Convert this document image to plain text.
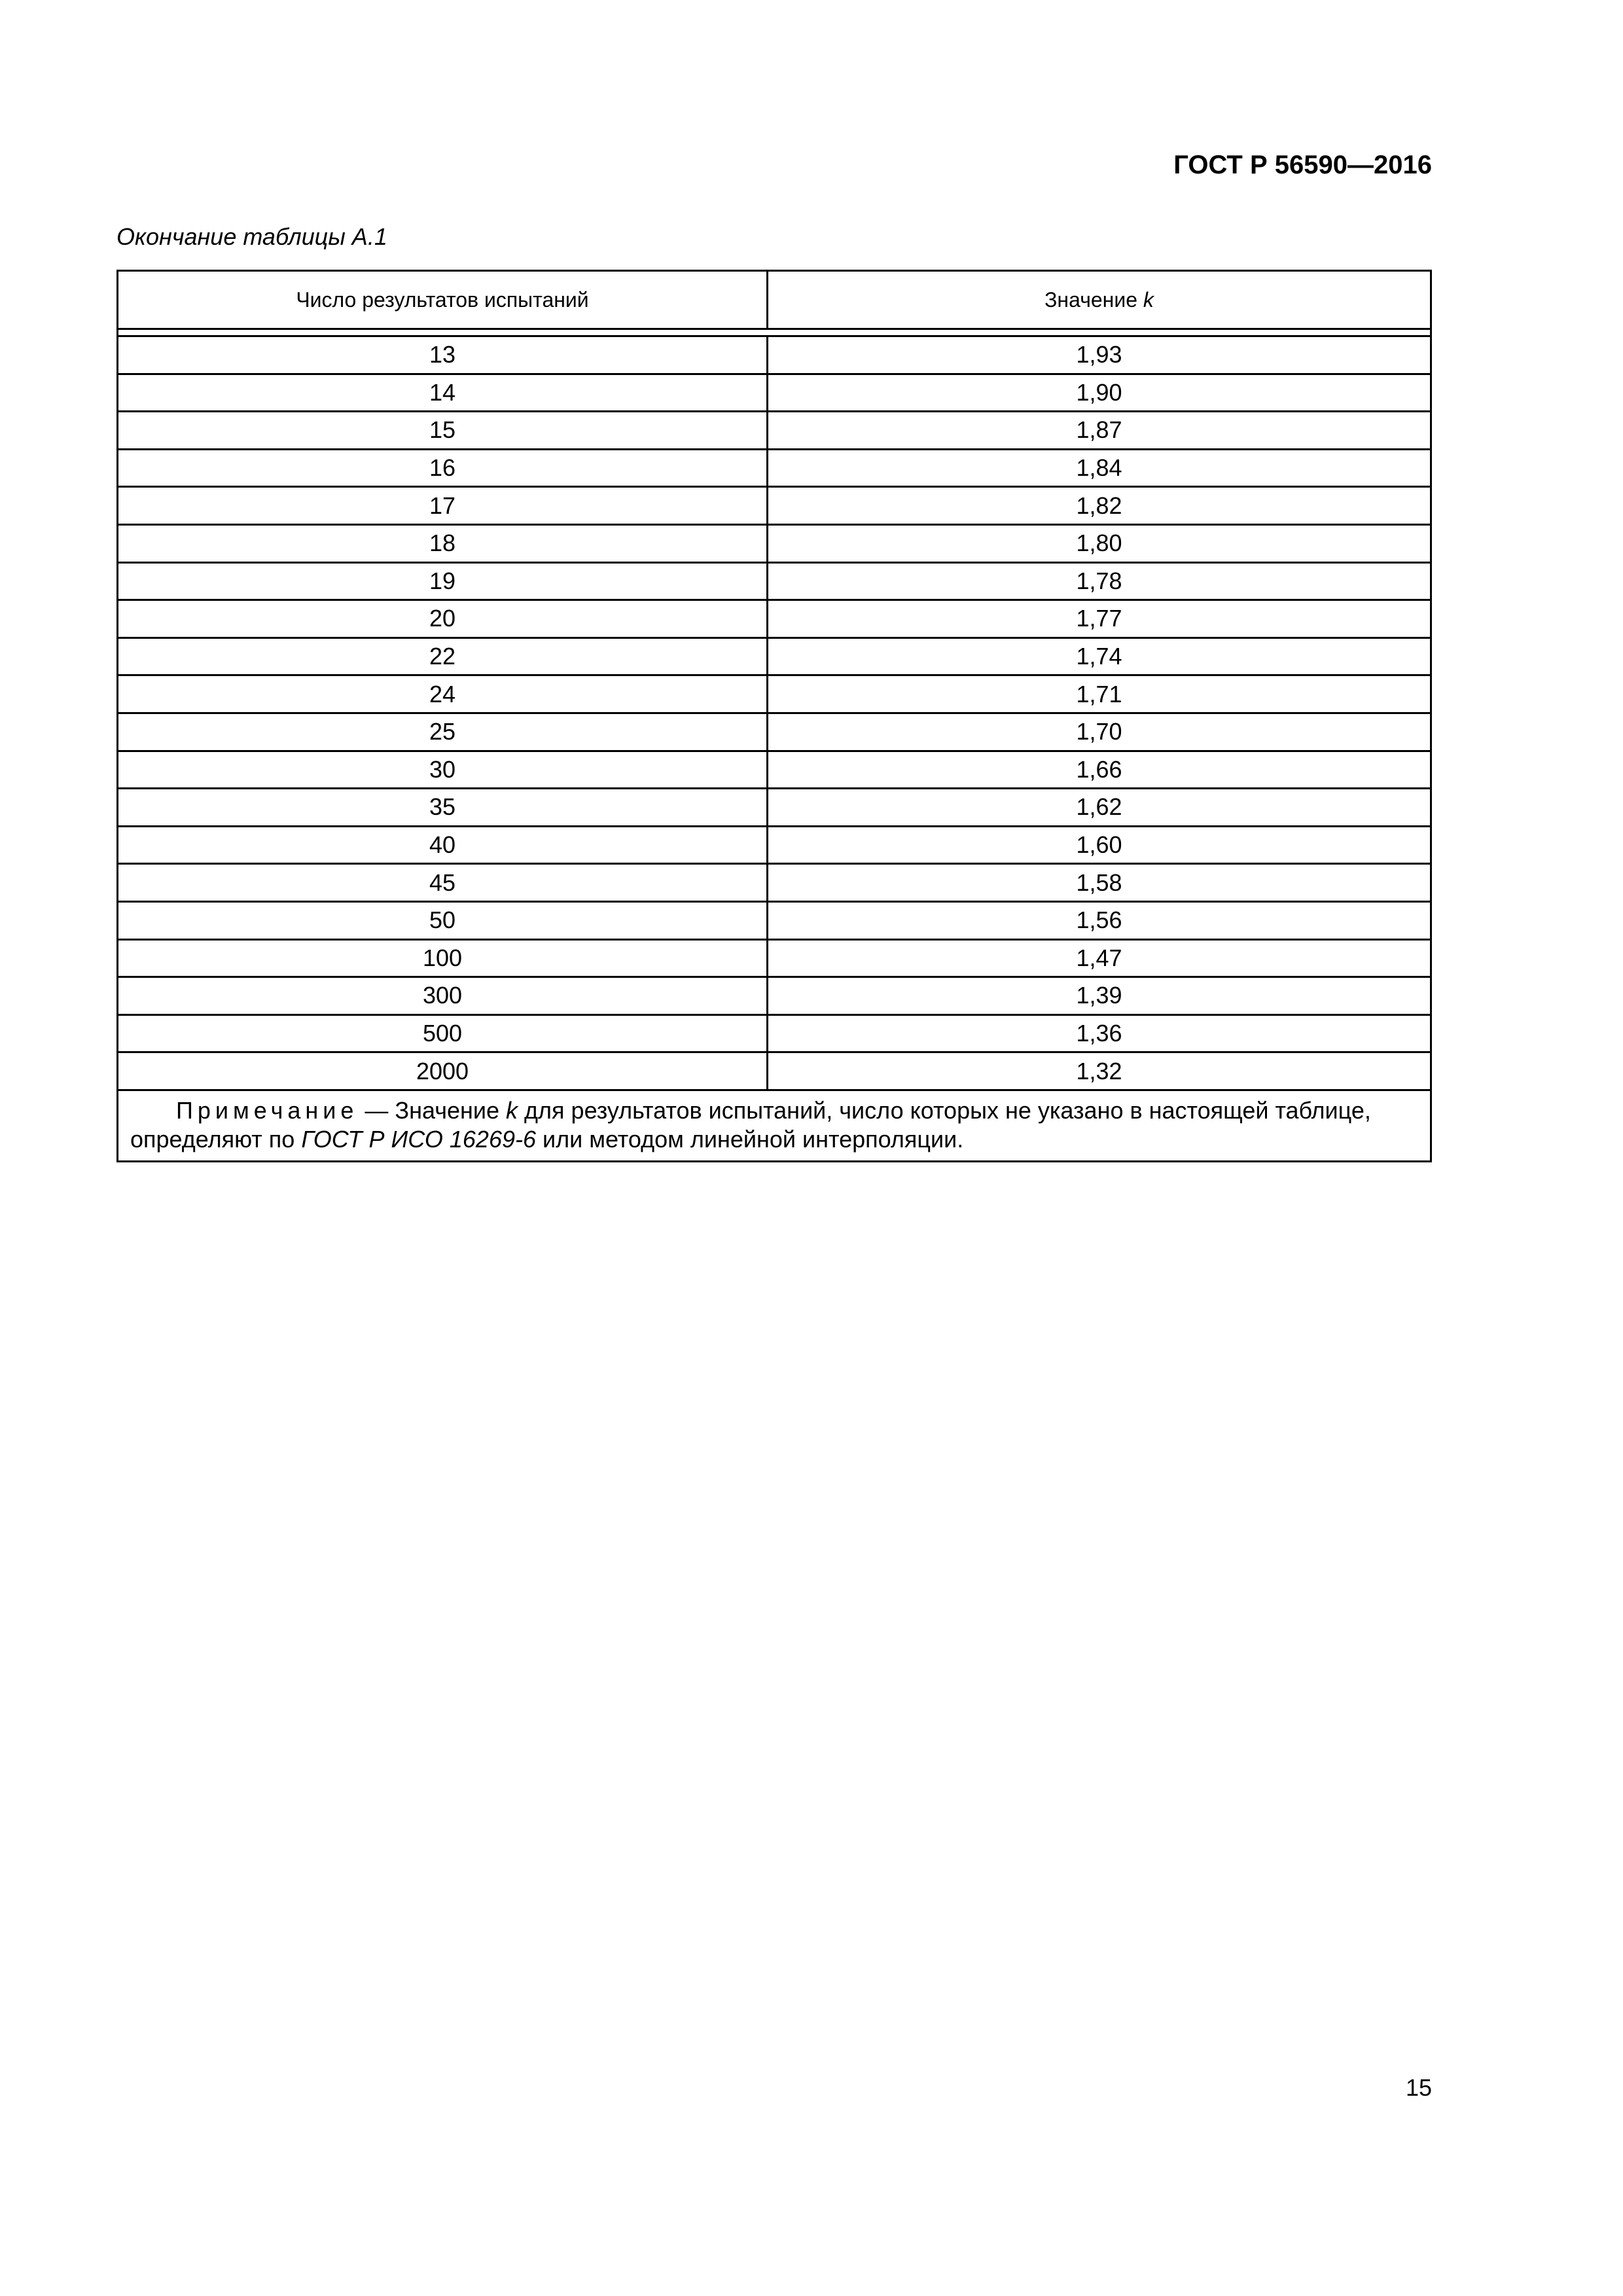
ГОСТ Р 56590—2016
Окончание таблицы А.1
Число результатов испытаний	Значение k
13	1,93
14	1,90
15	1,87
16	1,84
17	1,82
18	1,80
19	1,78
20	1,77
22	1,74
24	1,71
25	1,70
30	1,66
35	1,62
40	1,60
45	1,58
50	1,56
100	1,47
300	1,39
500	1,36
2000	1,32
Примечание — Значение k для результатов испытаний, число которых не указано в настоящей таблице, определяют по ГОСТ Р ИСО 16269-6 или методом линейной интерполяции.
15
